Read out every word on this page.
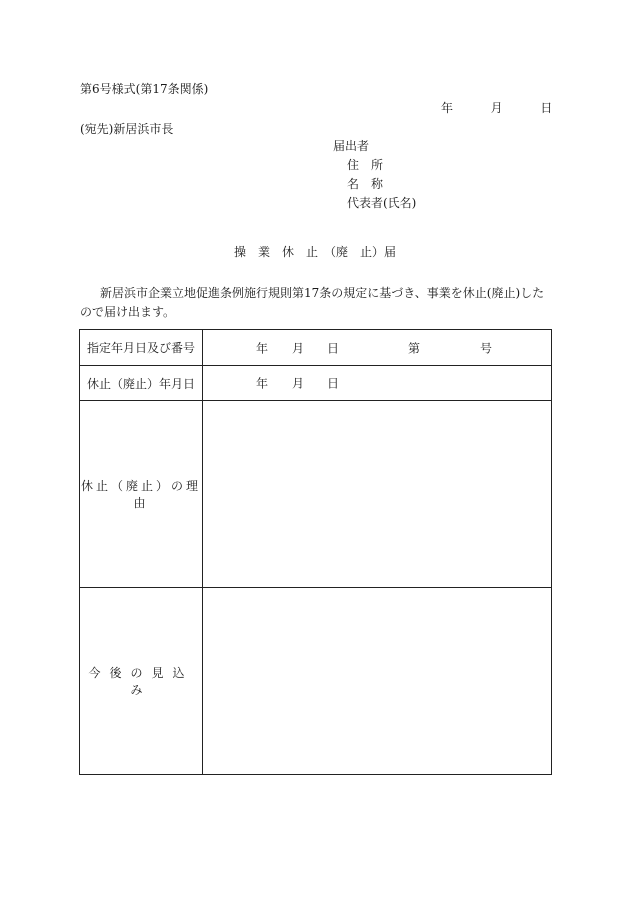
第6号様式(第17条関係)
年	月	日
(宛先)新居浜市長
届出者
住　所
名　称
代表者(氏名)
操　業　休　止　（廃　止）届
新居浜市企業立地促進条例施行規則第17条の規定に基づき、事業を休止(廃止)したので届け出ます。
指定年月日及び番号	年 月 日 第 号

休止（廃止）年月日	年 月 日

休止（廃止）の理由	
今後の見込み	
